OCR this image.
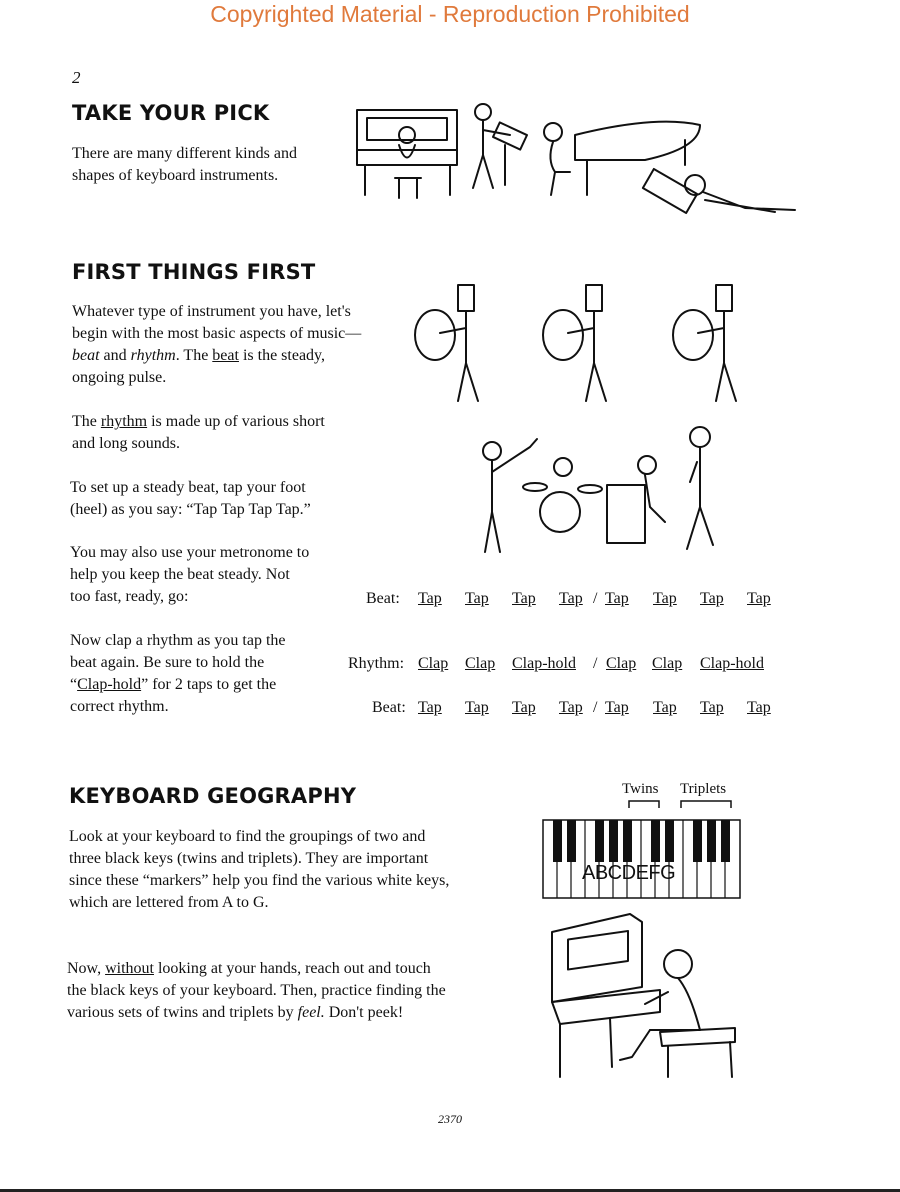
Copyrighted Material - Reproduction Prohibited
2
TAKE YOUR PICK
There are many different kinds and
shapes of keyboard instruments.
FIRST THINGS FIRST
Whatever type of instrument you have, let's
begin with the most basic aspects of music—
beat and rhythm. The beat is the steady,
ongoing pulse.
The rhythm is made up of various short
and long sounds.
To set up a steady beat, tap your foot
(heel) as you say: “Tap Tap Tap Tap.”
You may also use your metronome to
help you keep the beat steady. Not
too fast, ready, go:
Now clap a rhythm as you tap the
beat again. Be sure to hold the
“Clap-hold” for 2 taps to get the
correct rhythm.
Beat: Tap Tap Tap Tap / Tap Tap Tap Tap
Rhythm: Clap Clap Clap-hold / Clap Clap Clap-hold
Beat: Tap Tap Tap Tap / Tap Tap Tap Tap
KEYBOARD GEOGRAPHY
Look at your keyboard to find the groupings of two and
three black keys (twins and triplets). They are important
since these “markers” help you find the various white keys,
which are lettered from A to G.
Now, without looking at your hands, reach out and touch
the black keys of your keyboard. Then, practice finding the
various sets of twins and triplets by feel. Don't peek!
Twins Triplets
ABCDEFG
2370
